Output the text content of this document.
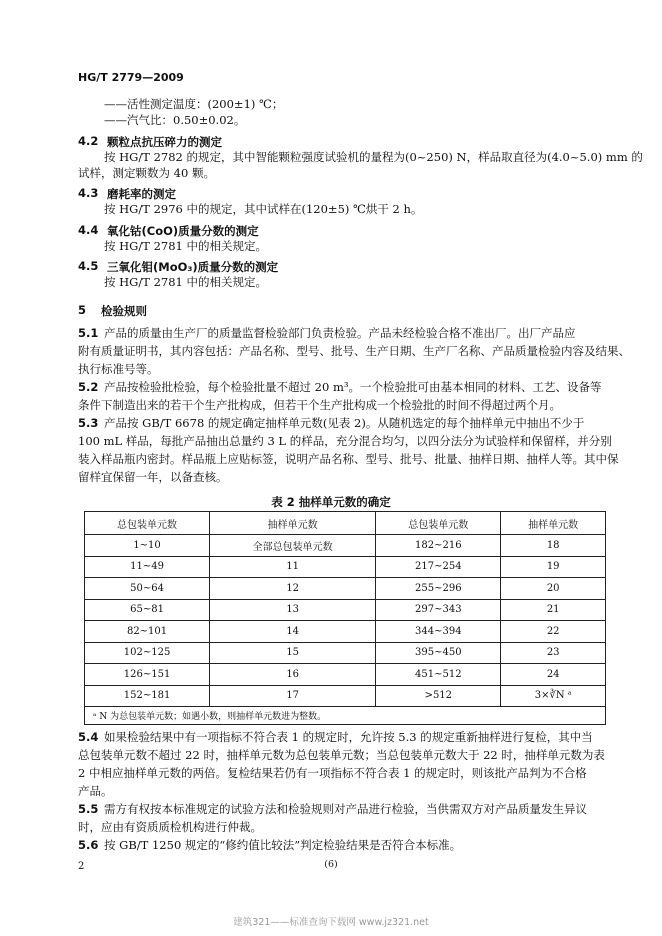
HG/T 2779—2009
——活性测定温度：(200±1) ℃；
——汽气比：0.50±0.02。
4.2 颗粒点抗压碎力的测定
按 HG/T 2782 的规定，其中智能颗粒强度试验机的量程为(0~250) N，样品取直径为(4.0~5.0) mm 的
试样，测定颗数为 40 颗。
4.3 磨耗率的测定
按 HG/T 2976 中的规定，其中试样在(120±5) ℃烘干 2 h。
4.4 氧化钴(CoO)质量分数的测定
按 HG/T 2781 中的相关规定。
4.5 三氧化钼(MoO₃)质量分数的测定
按 HG/T 2781 中的相关规定。
5 检验规则
5.1 产品的质量由生产厂的质量监督检验部门负责检验。产品未经检验合格不准出厂。出厂产品应
附有质量证明书，其内容包括：产品名称、型号、批号、生产日期、生产厂名称、产品质量检验内容及结果、
执行标准号等。
5.2 产品按检验批检验，每个检验批量不超过 20 m³。一个检验批可由基本相同的材料、工艺、设备等
条件下制造出来的若干个生产批构成，但若干个生产批构成一个检验批的时间不得超过两个月。
5.3 产品按 GB/T 6678 的规定确定抽样单元数(见表 2)。从随机选定的每个抽样单元中抽出不少于
100 mL 样品，每批产品抽出总量约 3 L 的样品，充分混合均匀，以四分法分为试验样和保留样，并分别
装入样品瓶内密封。样品瓶上应贴标签，说明产品名称、型号、批号、批量、抽样日期、抽样人等。其中保
留样宜保留一年，以备查核。
表 2 抽样单元数的确定
总包装单元数	抽样单元数	总包装单元数	抽样单元数
1~10	全部总包装单元数	182~216	18
11~49	11	217~254	19
50~64	12	255~296	20
65~81	13	297~343	21
82~101	14	344~394	22
102~125	15	395~450	23
126~151	16	451~512	24
152~181	17	>512	3×∛N ᵃ
ᵃ N 为总包装单元数；如遇小数，则抽样单元数进为整数。			
5.4 如果检验结果中有一项指标不符合表 1 的规定时，允许按 5.3 的规定重新抽样进行复检，其中当
总包装单元数不超过 22 时，抽样单元数为总包装单元数；当总包装单元数大于 22 时，抽样单元数为表
2 中相应抽样单元数的两倍。复检结果若仍有一项指标不符合表 1 的规定时，则该批产品判为不合格
产品。
5.5 需方有权按本标准规定的试验方法和检验规则对产品进行检验，当供需双方对产品质量发生异议
时，应由有资质质检机构进行仲裁。
5.6 按 GB/T 1250 规定的“修约值比较法”判定检验结果是否符合本标准。
2	(6)
建筑321——标准查询下载网 www.jz321.net
